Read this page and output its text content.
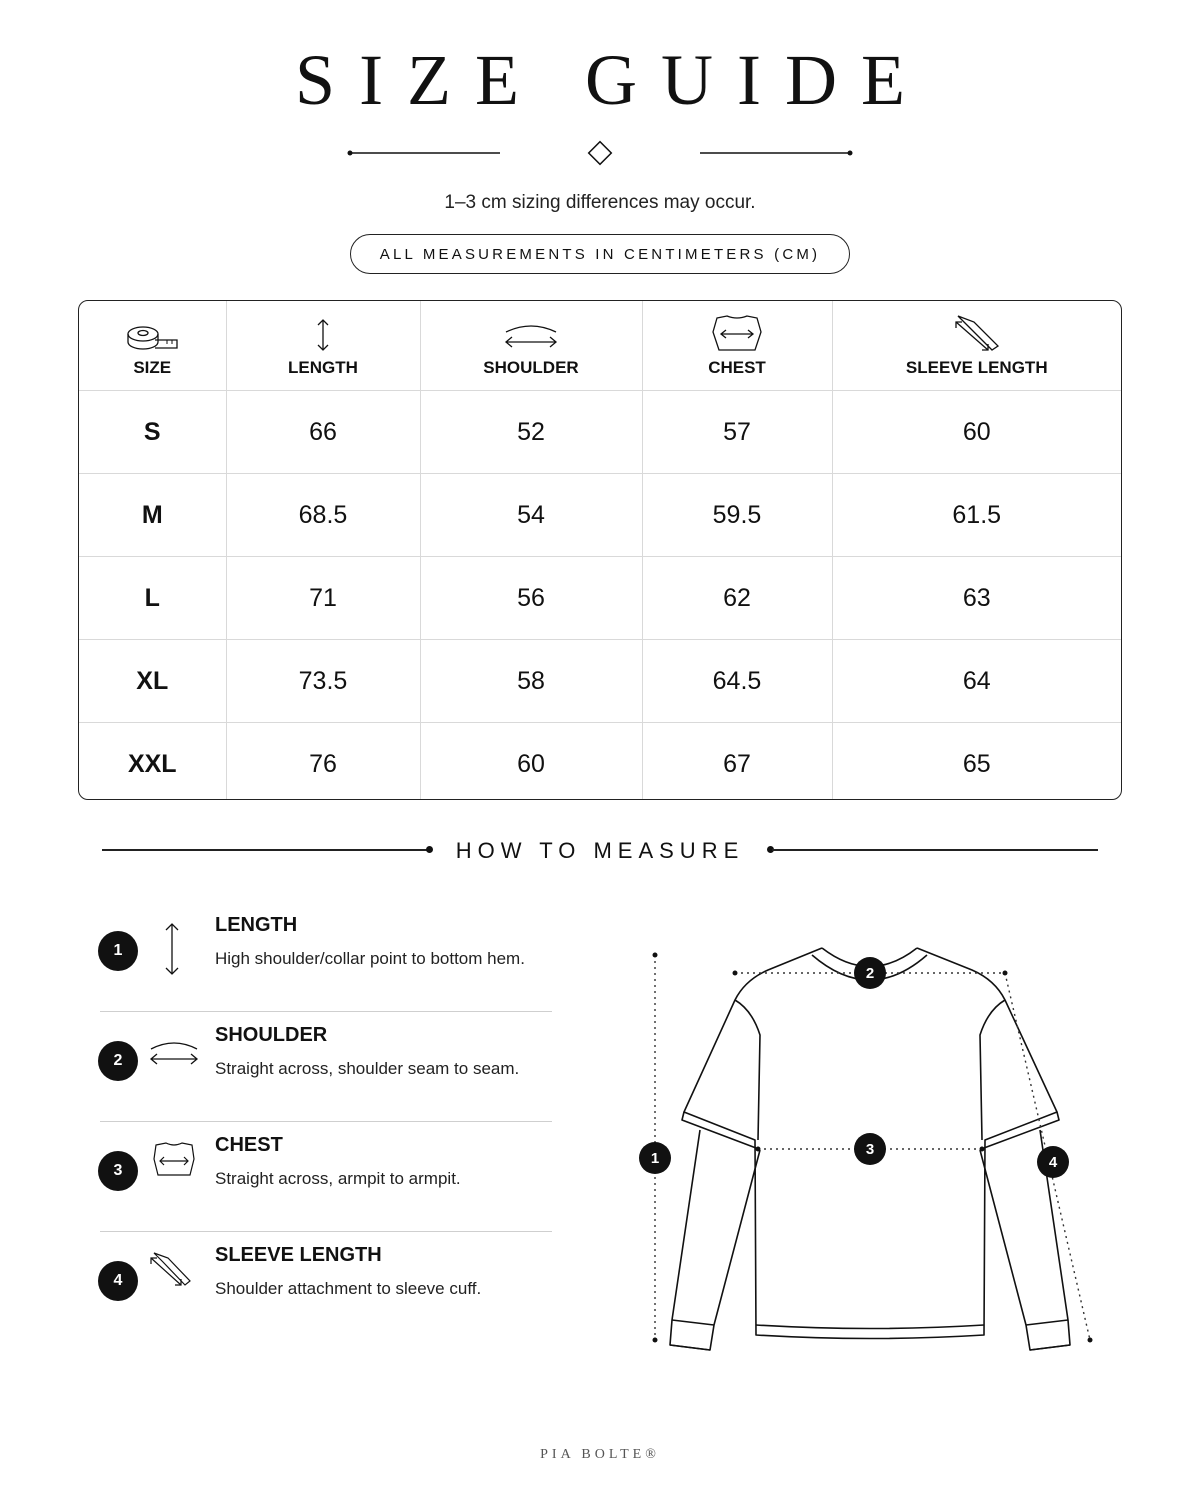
SIZE GUIDE
1–3 cm sizing differences may occur.
ALL MEASUREMENTS IN CENTIMETERS (CM)
SIZE	LENGTH	SHOULDER	CHEST	SLEEVE LENGTH

S	66	52	57	60
M	68.5	54	59.5	61.5
L	71	56	62	63
XL	73.5	58	64.5	64
XXL	76	60	67	65
HOW TO MEASURE
1
LENGTH
High shoulder/collar point to bottom hem.
2
SHOULDER
Straight across, shoulder seam to seam.
3
CHEST
Straight across, armpit to armpit.
4
SLEEVE LENGTH
Shoulder attachment to sleeve cuff.
1
2
3
4
PIA BOLTE®
